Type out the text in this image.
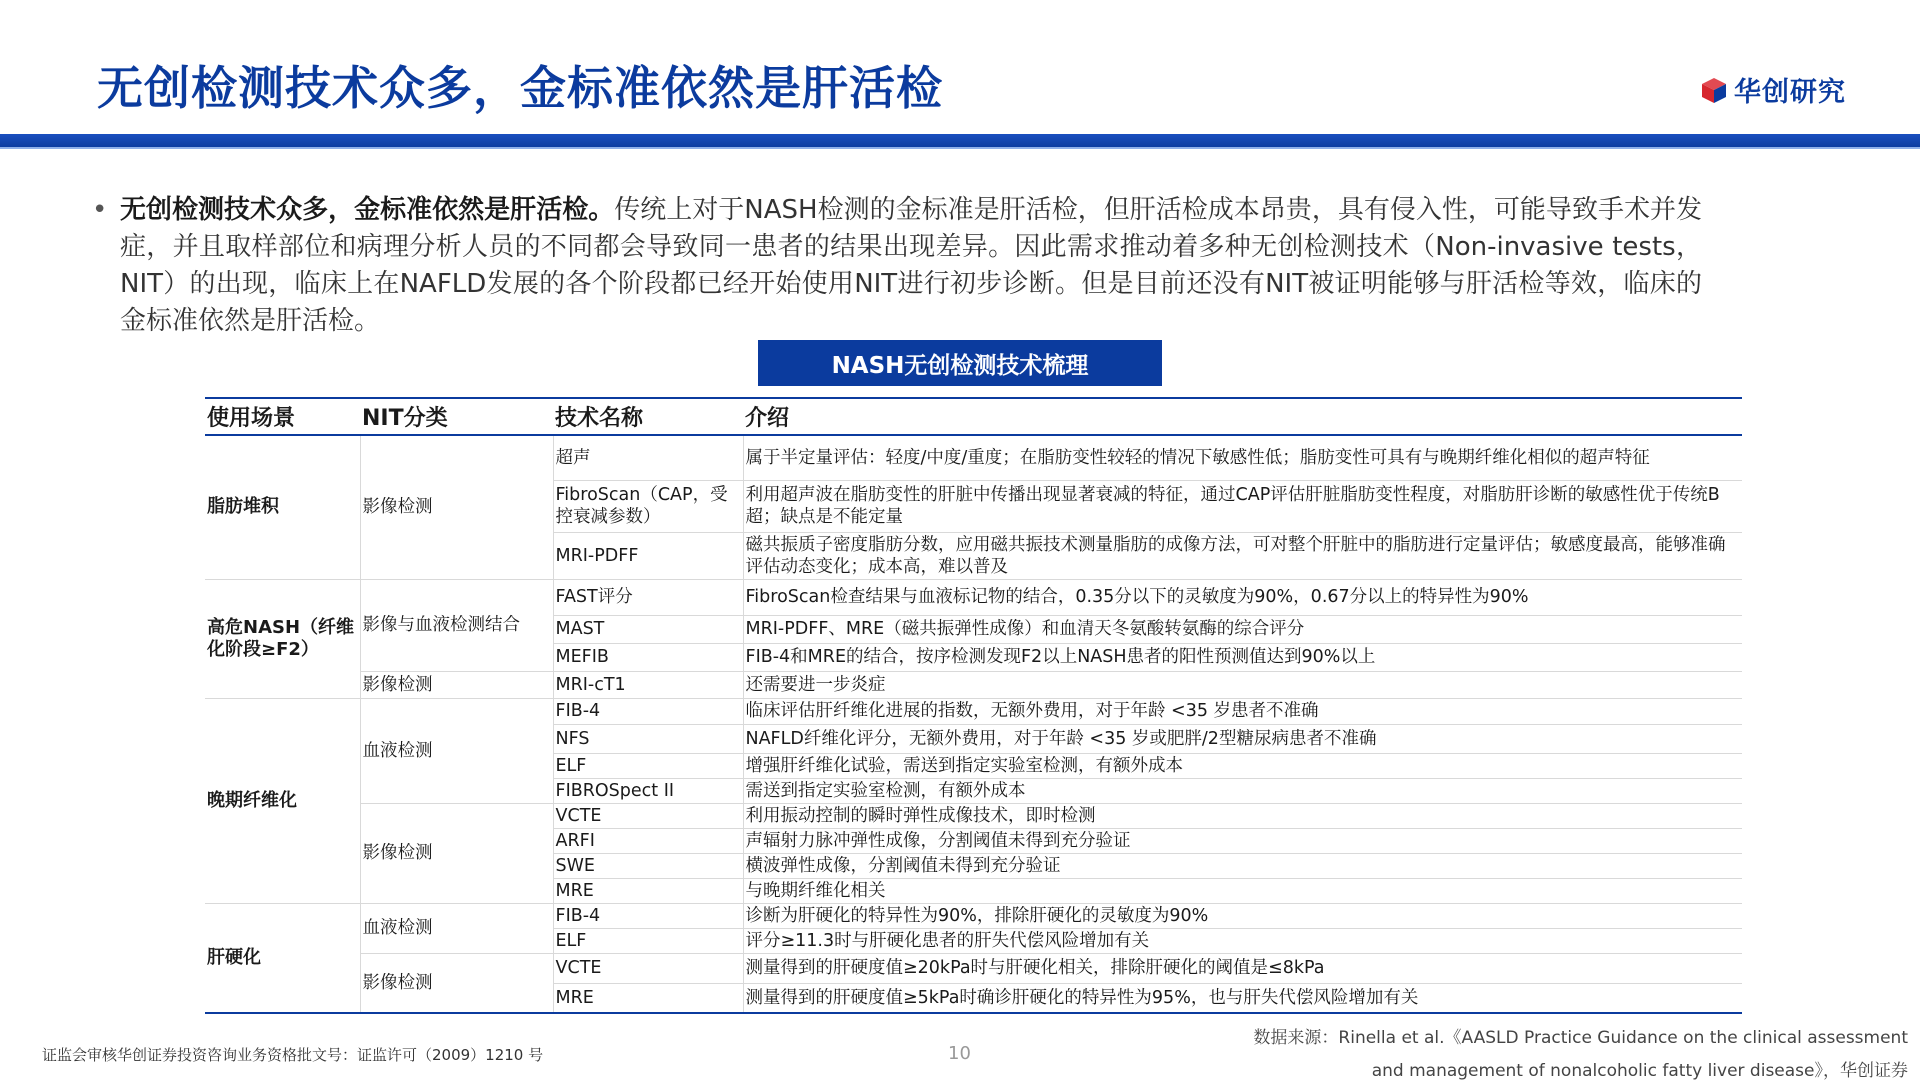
无创检测技术众多，金标准依然是肝活检	华创研究
• 无创检测技术众多，金标准依然是肝活检。传统上对于NASH检测的金标准是肝活检，但肝活检成本昂贵，具有侵入性，可能导致手术并发症，并且取样部位和病理分析人员的不同都会导致同一患者的结果出现差异。因此需求推动着多种无创检测技术（Non-invasive tests，NIT）的出现，临床上在NAFLD发展的各个阶段都已经开始使用NIT进行初步诊断。但是目前还没有NIT被证明能够与肝活检等效，临床的金标准依然是肝活检。
NASH无创检测技术梳理
使用场景	NIT分类	技术名称	介绍
脂肪堆积	影像检测	超声	属于半定量评估：轻度/中度/重度；在脂肪变性较轻的情况下敏感性低；脂肪变性可具有与晚期纤维化相似的超声特征
		FibroScan（CAP，受控衰减参数）	利用超声波在脂肪变性的肝脏中传播出现显著衰减的特征，通过CAP评估肝脏脂肪变性程度，对脂肪肝诊断的敏感性优于传统B超；缺点是不能定量
		MRI-PDFF	磁共振质子密度脂肪分数，应用磁共振技术测量脂肪的成像方法，可对整个肝脏中的脂肪进行定量评估；敏感度最高，能够准确评估动态变化；成本高，难以普及
高危NASH（纤维化阶段≥F2）	影像与血液检测结合	FAST评分	FibroScan检查结果与血液标记物的结合，0.35分以下的灵敏度为90%，0.67分以上的特异性为90%
		MAST	MRI-PDFF、MRE（磁共振弹性成像）和血清天冬氨酸转氨酶的综合评分
		MEFIB	FIB-4和MRE的结合，按序检测发现F2以上NASH患者的阳性预测值达到90%以上
	影像检测	MRI-cT1	还需要进一步炎症
晚期纤维化	血液检测	FIB-4	临床评估肝纤维化进展的指数，无额外费用，对于年龄 <35 岁患者不准确
		NFS	NAFLD纤维化评分，无额外费用，对于年龄 <35 岁或肥胖/2型糖尿病患者不准确
		ELF	增强肝纤维化试验，需送到指定实验室检测，有额外成本
		FIBROSpect II	需送到指定实验室检测，有额外成本
	影像检测	VCTE	利用振动控制的瞬时弹性成像技术，即时检测
		ARFI	声辐射力脉冲弹性成像，分割阈值未得到充分验证
		SWE	横波弹性成像，分割阈值未得到充分验证
		MRE	与晚期纤维化相关
肝硬化	血液检测	FIB-4	诊断为肝硬化的特异性为90%，排除肝硬化的灵敏度为90%
		ELF	评分≥11.3时与肝硬化患者的肝失代偿风险增加有关
	影像检测	VCTE	测量得到的肝硬度值≥20kPa时与肝硬化相关，排除肝硬化的阈值是≤8kPa
		MRE	测量得到的肝硬度值≥5kPa时确诊肝硬化的特异性为95%，也与肝失代偿风险增加有关
证监会审核华创证券投资咨询业务资格批文号：证监许可（2009）1210 号	10
数据来源：Rinella et al.《AASLD Practice Guidance on the clinical assessment
and management of nonalcoholic fatty liver disease》，华创证券
